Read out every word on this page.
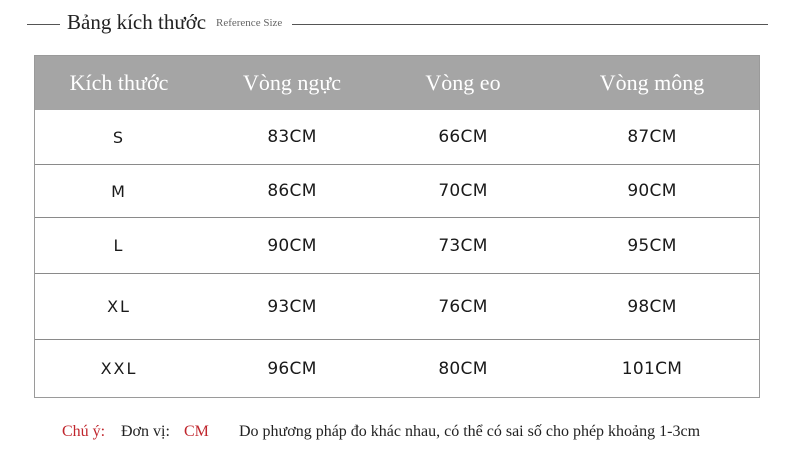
Bảng kích thước Reference Size
Kích thước	Vòng ngực	Vòng eo	Vòng mông
S	83CM	66CM	87CM
M	86CM	70CM	90CM
L	90CM	73CM	95CM
XL	93CM	76CM	98CM
XXL	96CM	80CM	101CM
Chú ý: Đơn vị: CM Do phương pháp đo khác nhau, có thể có sai số cho phép khoảng 1-3cm
